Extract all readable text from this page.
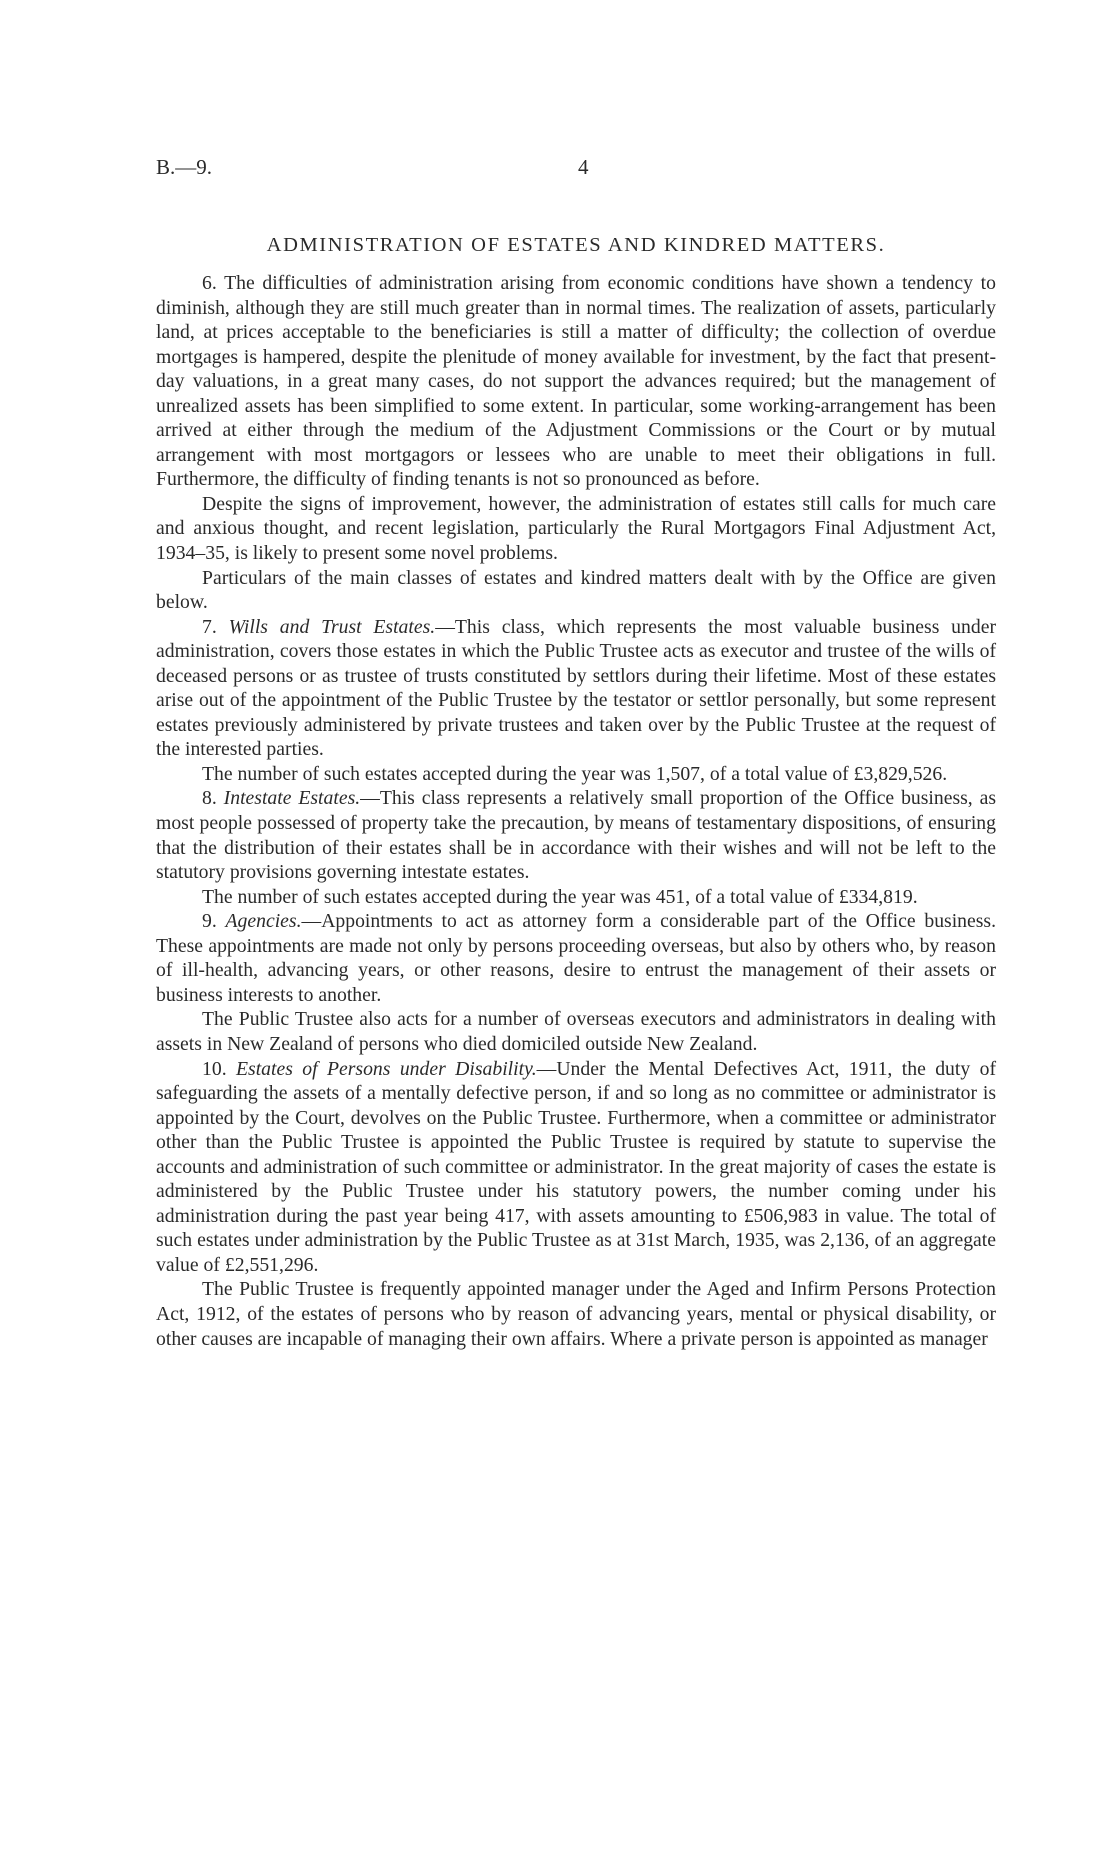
B.—9.	4
ADMINISTRATION OF ESTATES AND KINDRED MATTERS.

6. The difficulties of administration arising from economic conditions have shown a tendency to diminish, although they are still much greater than in normal times. The realization of assets, particularly land, at prices acceptable to the beneficiaries is still a matter of difficulty; the collection of overdue mortgages is hampered, despite the plenitude of money available for investment, by the fact that present-day valuations, in a great many cases, do not support the advances required; but the management of unrealized assets has been simplified to some extent. In particular, some working-arrangement has been arrived at either through the medium of the Adjustment Commissions or the Court or by mutual arrangement with most mortgagors or lessees who are unable to meet their obligations in full. Furthermore, the difficulty of finding tenants is not so pronounced as before.

Despite the signs of improvement, however, the administration of estates still calls for much care and anxious thought, and recent legislation, particularly the Rural Mortgagors Final Adjustment Act, 1934–35, is likely to present some novel problems.

Particulars of the main classes of estates and kindred matters dealt with by the Office are given below.

7. Wills and Trust Estates.—This class, which represents the most valuable business under administration, covers those estates in which the Public Trustee acts as executor and trustee of the wills of deceased persons or as trustee of trusts constituted by settlors during their lifetime. Most of these estates arise out of the appointment of the Public Trustee by the testator or settlor personally, but some represent estates previously administered by private trustees and taken over by the Public Trustee at the request of the interested parties.

The number of such estates accepted during the year was 1,507, of a total value of £3,829,526.

8. Intestate Estates.—This class represents a relatively small proportion of the Office business, as most people possessed of property take the precaution, by means of testamentary dispositions, of ensuring that the distribution of their estates shall be in accordance with their wishes and will not be left to the statutory provisions governing intestate estates.

The number of such estates accepted during the year was 451, of a total value of £334,819.

9. Agencies.—Appointments to act as attorney form a considerable part of the Office business. These appointments are made not only by persons proceeding overseas, but also by others who, by reason of ill-health, advancing years, or other reasons, desire to entrust the management of their assets or business interests to another.

The Public Trustee also acts for a number of overseas executors and administrators in dealing with assets in New Zealand of persons who died domiciled outside New Zealand.

10. Estates of Persons under Disability.—Under the Mental Defectives Act, 1911, the duty of safeguarding the assets of a mentally defective person, if and so long as no committee or administrator is appointed by the Court, devolves on the Public Trustee. Furthermore, when a committee or administrator other than the Public Trustee is appointed the Public Trustee is required by statute to supervise the accounts and administration of such committee or administrator. In the great majority of cases the estate is administered by the Public Trustee under his statutory powers, the number coming under his administration during the past year being 417, with assets amounting to £506,983 in value. The total of such estates under administration by the Public Trustee as at 31st March, 1935, was 2,136, of an aggregate value of £2,551,296.

The Public Trustee is frequently appointed manager under the Aged and Infirm Persons Protection Act, 1912, of the estates of persons who by reason of advancing years, mental or physical disability, or other causes are incapable of managing their own affairs. Where a private person is appointed as manager
